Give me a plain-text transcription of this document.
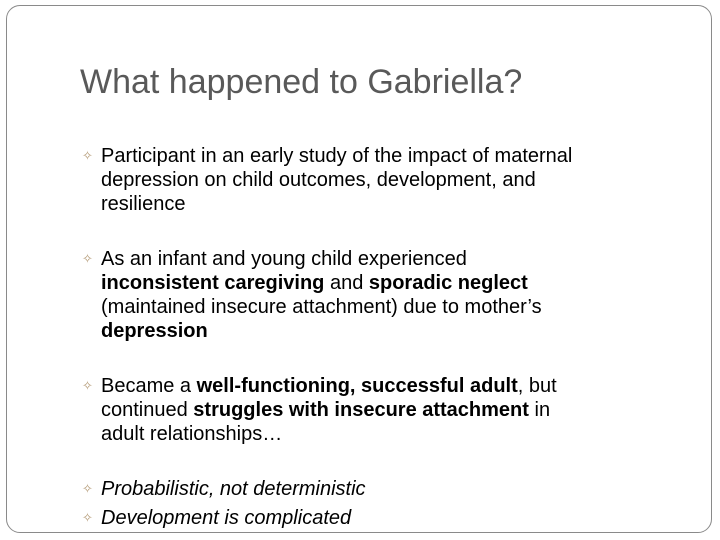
What happened to Gabriella?
✧ Participant in an early study of the impact of maternal
depression on child outcomes, development, and
resilience
✧ As an infant and young child experienced
inconsistent caregiving and sporadic neglect
(maintained insecure attachment) due to mother’s
depression
✧ Became a well-functioning, successful adult, but
continued struggles with insecure attachment in
adult relationships…
✧ Probabilistic, not deterministic
✧ Development is complicated
